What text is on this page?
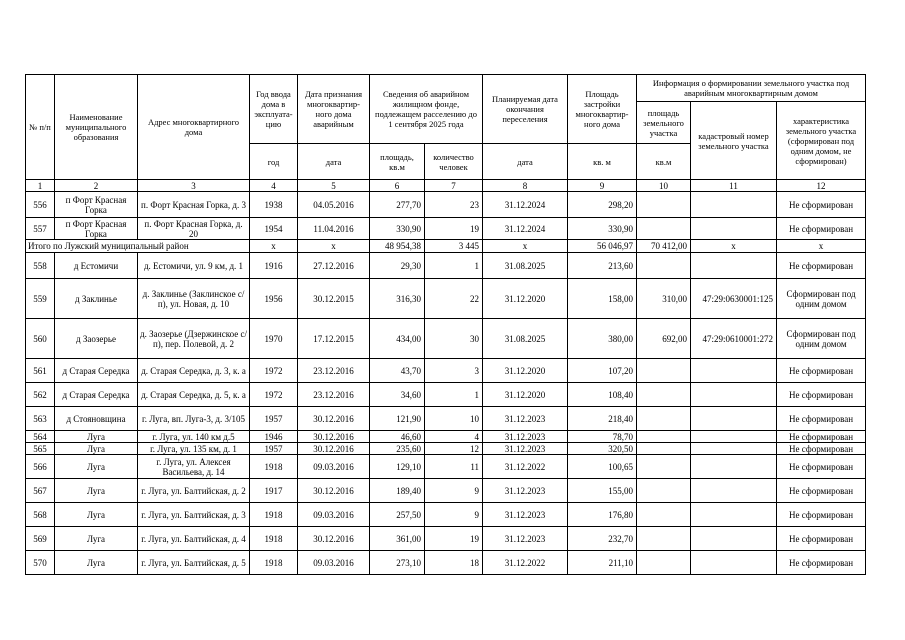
№ п/п	Наименование муниципального образования	Адрес многоквартирного дома	Год ввода дома в эксплуата-цию	Дата признания многоквартир-ного дома аварийным	Сведения об аварийном жилищном фонде, подлежащем расселению до 1 сентября 2025 года		Планируемая дата окончания переселения	Площадь застройки многоквартир-ного дома	Информация о формировании земельного участка под аварийным многоквартирным домом		
									площадь земельного участка	кадастровый номер земельного участка	характеристика земельного участка (сформирован под одним домом, не сформирован)
			год	дата	площадь, кв.м	количество человек	дата	кв. м	кв.м		
1	2	3	4	5	6	7	8	9	10	11	12
556	п Форт Красная Горка	п. Форт Красная Горка, д. 3	1938	04.05.2016	277,70	23	31.12.2024	298,20			Не сформирован
557	п Форт Красная Горка	п. Форт Красная Горка, д. 20	1954	11.04.2016	330,90	19	31.12.2024	330,90			Не сформирован
Итого по Лужский муниципальный район			x	x	48 954,38	3 445	x	56 046,97	70 412,00	x	x
558	д Естомичи	д. Естомичи, ул. 9 км, д. 1	1916	27.12.2016	29,30	1	31.08.2025	213,60			Не сформирован
559	д Заклинье	д. Заклинье (Заклинское с/п), ул. Новая, д. 10	1956	30.12.2015	316,30	22	31.12.2020	158,00	310,00	47:29:0630001:125	Сформирован под одним домом
560	д Заозерье	д. Заозерье (Дзержинское с/п), пер. Полевой, д. 2	1970	17.12.2015	434,00	30	31.08.2025	380,00	692,00	47:29:0610001:272	Сформирован под одним домом
561	д Старая Середка	д. Старая Середка, д. 3, к. а	1972	23.12.2016	43,70	3	31.12.2020	107,20			Не сформирован
562	д Старая Середка	д. Старая Середка, д. 5, к. а	1972	23.12.2016	34,60	1	31.12.2020	108,40			Не сформирован
563	д Стояновщина	г. Луга, вп. Луга-3, д. 3/105	1957	30.12.2016	121,90	10	31.12.2023	218,40			Не сформирован
564	Луга	г. Луга, ул. 140 км д.5	1946	30.12.2016	46,60	4	31.12.2023	78,70			Не сформирован
565	Луга	г. Луга, ул. 135 км, д. 1	1957	30.12.2016	235,60	12	31.12.2023	320,50			Не сформирован
566	Луга	г. Луга, ул. Алексея Васильева, д. 14	1918	09.03.2016	129,10	11	31.12.2022	100,65			Не сформирован
567	Луга	г. Луга, ул. Балтийская, д. 2	1917	30.12.2016	189,40	9	31.12.2023	155,00			Не сформирован
568	Луга	г. Луга, ул. Балтийская, д. 3	1918	09.03.2016	257,50	9	31.12.2023	176,80			Не сформирован
569	Луга	г. Луга, ул. Балтийская, д. 4	1918	30.12.2016	361,00	19	31.12.2023	232,70			Не сформирован
570	Луга	г. Луга, ул. Балтийская, д. 5	1918	09.03.2016	273,10	18	31.12.2022	211,10			Не сформирован
